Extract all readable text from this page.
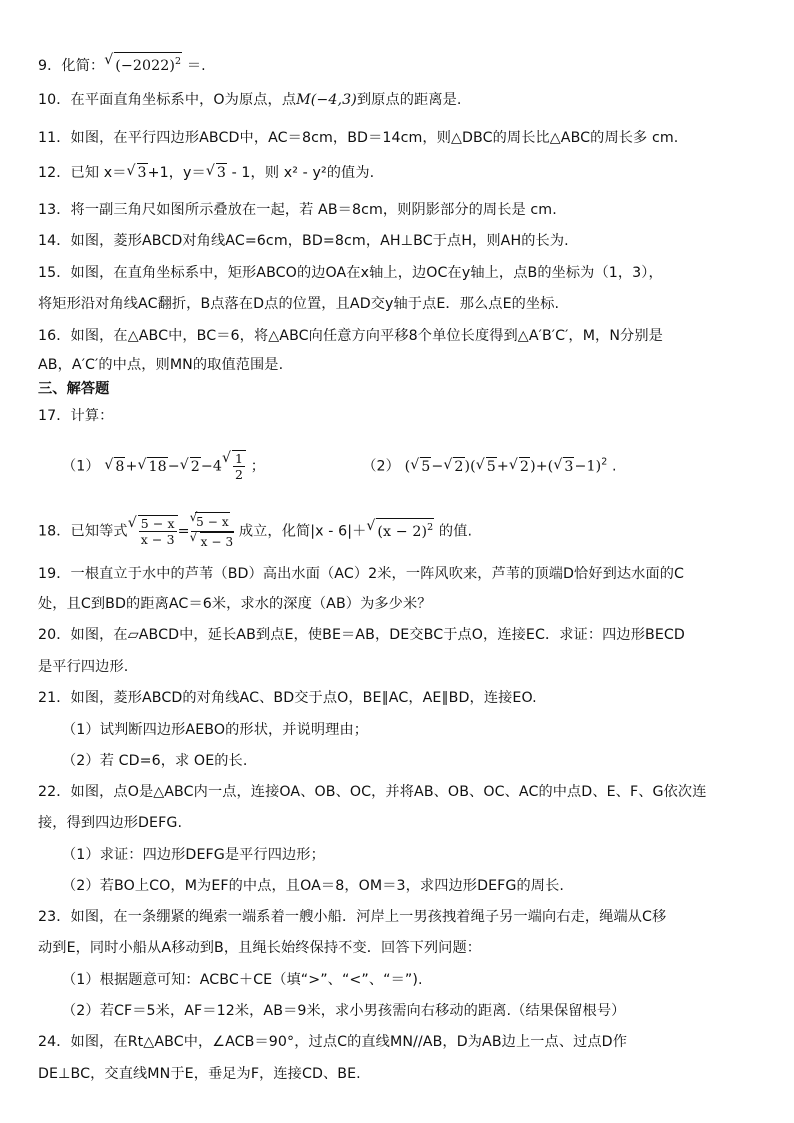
9．化简： √ $(-2022)^2$ ＝.
10．在平面直角坐标系中，O为原点，点M(−4,3)到原点的距离是.
11．如图，在平行四边形ABCD中，AC＝8cm，BD＝14cm，则△DBC的周长比△ABC的周长多 cm.
12．已知 x＝ √ 3+1，y＝ √ 3 - 1，则 x² - y²的值为.
13．将一副三角尺如图所示叠放在一起，若 AB＝8cm，则阴影部分的周长是 cm.
14．如图，菱形ABCD对角线AC=6cm，BD=8cm，AH⊥BC于点H，则AH的长为.
15．如图，在直角坐标系中，矩形ABCO的边OA在x轴上，边OC在y轴上，点B的坐标为（1，3），
将矩形沿对角线AC翻折，B点落在D点的位置，且AD交y轴于点E．那么点E的坐标.
16．如图，在△ABC中，BC＝6，将△ABC向任意方向平移8个单位长度得到△A′B′C′，M，N分别是
AB，A′C′的中点，则MN的取值范围是.
三、解答题
17．计算：
（1） √ 8+ √ 18− √ 2−4 √ $\frac{1}{2}$ ；	（2） ( √ 5− √ 2)( √ 5+ √ 2)+( √ 3−1)$^2$ .
18．已知等式 √ $\frac{5 - x}{x - 3}$ = √ 5 − x
√ x − 3 成立，化简|x - 6|＋ √ $(x - 2)^2$ 的值.
19．一根直立于水中的芦苇（BD）高出水面（AC）2米，一阵风吹来，芦苇的顶端D恰好到达水面的C
处，且C到BD的距离AC＝6米，求水的深度（AB）为多少米？
20．如图，在▱ABCD中，延长AB到点E，使BE＝AB，DE交BC于点O，连接EC．求证：四边形BECD
是平行四边形.
21．如图，菱形ABCD的对角线AC、BD交于点O，BE∥AC，AE∥BD，连接EO.
（1）试判断四边形AEBO的形状，并说明理由；
（2）若 CD=6，求 OE的长.
22．如图，点O是△ABC内一点，连接OA、OB、OC，并将AB、OB、OC、AC的中点D、E、F、G依次连
接，得到四边形DEFG.
（1）求证：四边形DEFG是平行四边形；
（2）若BO上CO，M为EF的中点，且OA＝8，OM＝3，求四边形DEFG的周长.
23．如图，在一条绷紧的绳索一端系着一艘小船．河岸上一男孩拽着绳子另一端向右走，绳端从C移
动到E，同时小船从A移动到B，且绳长始终保持不变．回答下列问题：
（1）根据题意可知：ACBC＋CE（填“>”、“<”、“＝”).
（2）若CF＝5米，AF＝12米，AB＝9米，求小男孩需向右移动的距离.（结果保留根号）
24．如图，在Rt△ABC中，∠ACB＝90°，过点C的直线MN//AB，D为AB边上一点、过点D作
DE⊥BC，交直线MN于E，垂足为F，连接CD、BE.
